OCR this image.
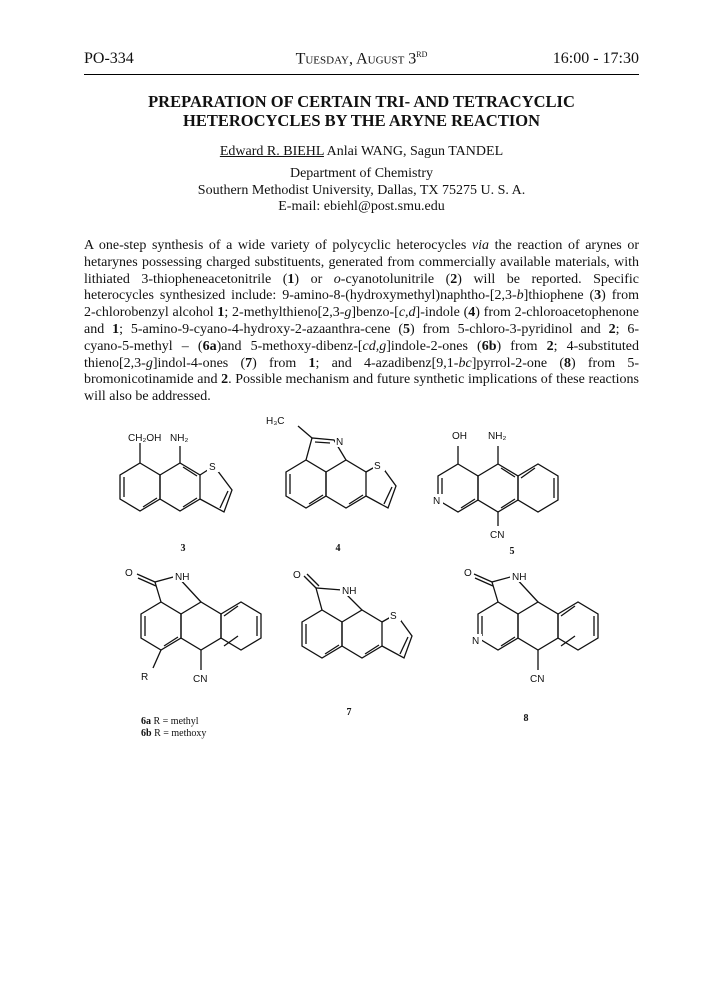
PO-334	Tuesday, August 3RD	16:00 - 17:30
PREPARATION OF CERTAIN TRI- AND TETRACYCLIC
HETEROCYCLES BY THE ARYNE REACTION
Edward R. BIEHL Anlai WANG, Sagun TANDEL
Department of Chemistry
Southern Methodist University, Dallas, TX 75275 U. S. A.
E-mail: ebiehl@post.smu.edu
A one-step synthesis of a wide variety of polycyclic heterocycles via the reaction of arynes or hetarynes possessing charged substituents, generated from commercially available materials, with lithiated 3-thiopheneacetonitrile (1) or o-cyanotolunitrile (2) will be reported. Specific heterocycles synthesized include: 9-amino-8-(hydroxymethyl)naphtho-[2,3-b]thiophene (3) from 2-chlorobenzyl alcohol 1; 2-methylthieno[2,3-g]benzo-[c,d]-indole (4) from 2-chloroacetophenone and 1; 5-amino-9-cyano-4-hydroxy-2-azaanthra-cene (5) from 5-chloro-3-pyridinol and 2; 6-cyano-5-methyl – (6a)and 5-methoxy-dibenz-[cd,g]indole-2-ones (6b) from 2; 4-substituted thieno[2,3-g]indol-4-ones (7) from 1; and 4-azadibenz[9,1-bc]pyrrol-2-one (8) from 5-bromonicotinamide and 2. Possible mechanism and future synthetic implications of these reactions will also be addressed.
CH₂OH NH₂
S
3
H₃C
N
S
4
OH NH₂
N
CN
5
O	NH
R	CN
6a R = methyl
6b R = methoxy
O
NH
S
7
O	NH
N
CN
8
